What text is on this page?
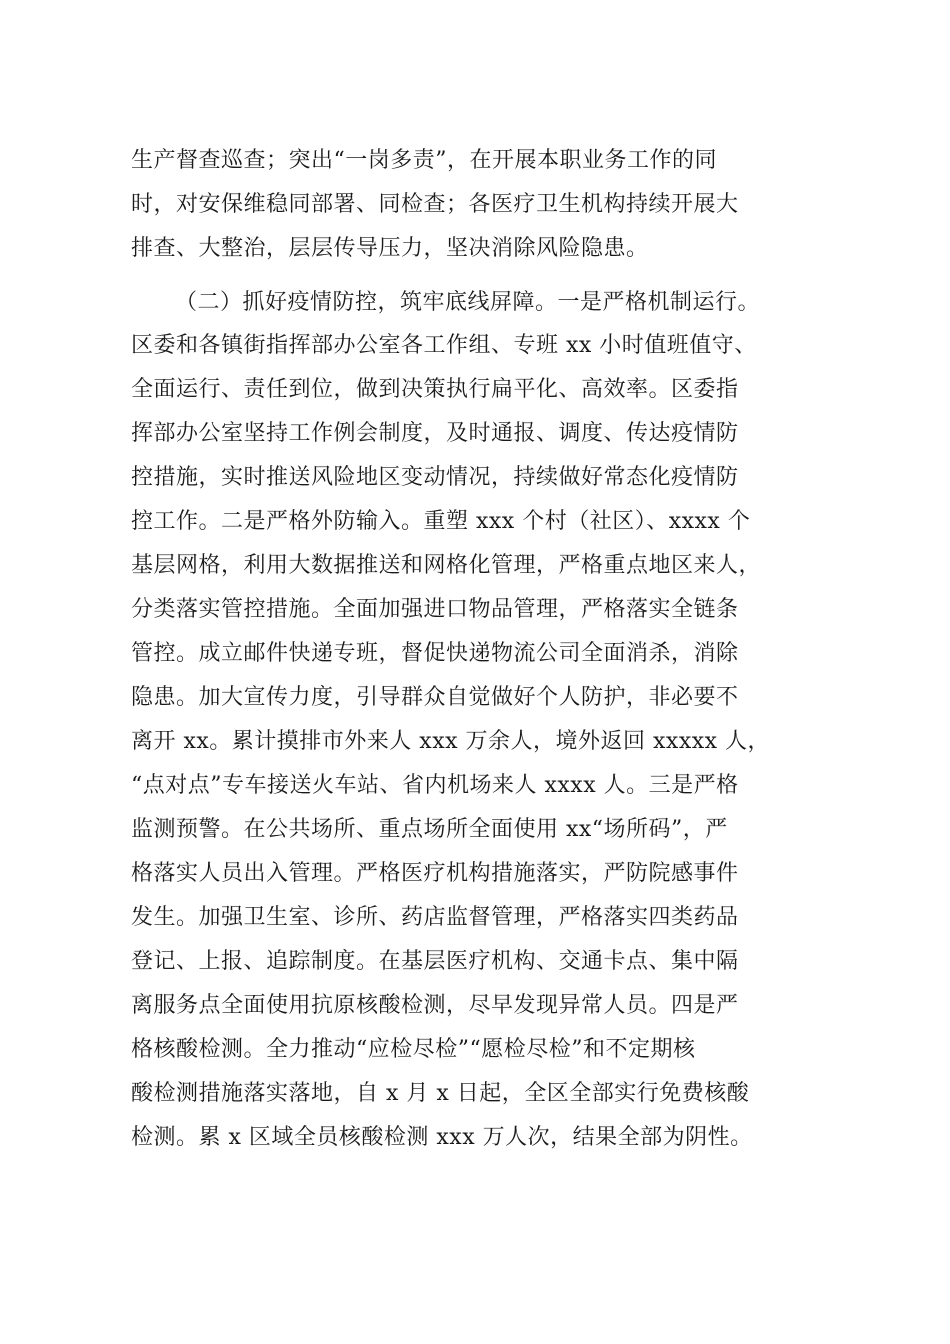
生产督查巡查；突出“一岗多责”，在开展本职业务工作的同
时，对安保维稳同部署、同检查；各医疗卫生机构持续开展大
排查、大整治，层层传导压力，坚决消除风险隐患。
（二）抓好疫情防控，筑牢底线屏障。一是严格机制运行。
区委和各镇街指挥部办公室各工作组、专班 xx 小时值班值守、
全面运行、责任到位，做到决策执行扁平化、高效率。区委指
挥部办公室坚持工作例会制度，及时通报、调度、传达疫情防
控措施，实时推送风险地区变动情况，持续做好常态化疫情防
控工作。二是严格外防输入。重塑 xxx 个村（社区）、xxxx 个
基层网格，利用大数据推送和网格化管理，严格重点地区来人，
分类落实管控措施。全面加强进口物品管理，严格落实全链条
管控。成立邮件快递专班，督促快递物流公司全面消杀，消除
隐患。加大宣传力度，引导群众自觉做好个人防护，非必要不
离开 xx。累计摸排市外来人 xxx 万余人，境外返回 xxxxx 人，
“点对点”专车接送火车站、省内机场来人 xxxx 人。三是严格
监测预警。在公共场所、重点场所全面使用 xx“场所码”，严
格落实人员出入管理。严格医疗机构措施落实，严防院感事件
发生。加强卫生室、诊所、药店监督管理，严格落实四类药品
登记、上报、追踪制度。在基层医疗机构、交通卡点、集中隔
离服务点全面使用抗原核酸检测，尽早发现异常人员。四是严
格核酸检测。全力推动“应检尽检”“愿检尽检”和不定期核
酸检测措施落实落地，自 x 月 x 日起，全区全部实行免费核酸
检测。累 x 区域全员核酸检测 xxx 万人次，结果全部为阴性。
